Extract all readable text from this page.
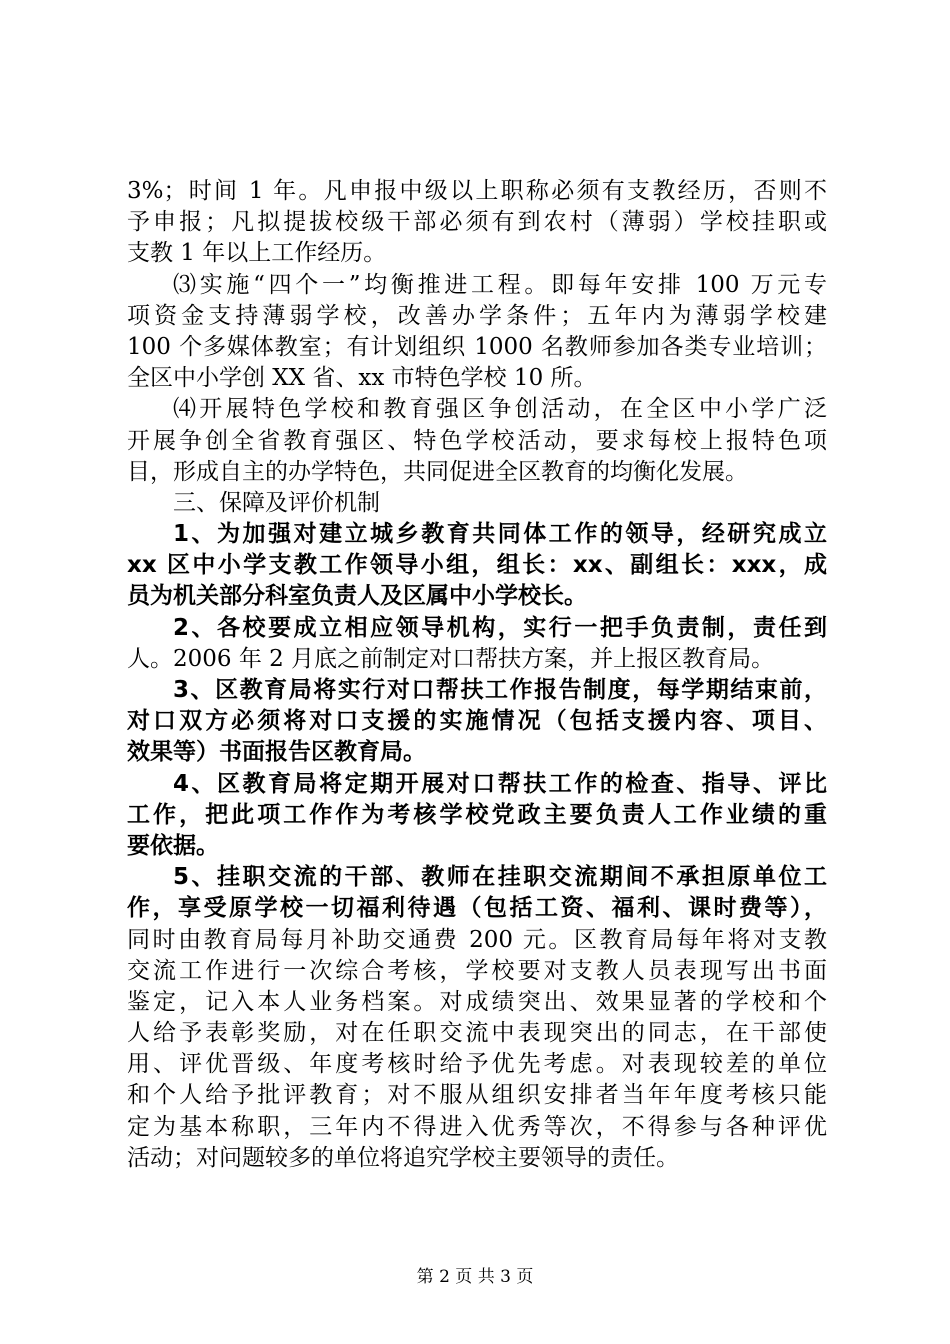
3%；时间 1 年。凡申报中级以上职称必须有支教经历，否则不
予申报；凡拟提拔校级干部必须有到农村（薄弱）学校挂职或
支教 1 年以上工作经历。
⑶实施“四个一”均衡推进工程。即每年安排 100 万元专
项资金支持薄弱学校，改善办学条件；五年内为薄弱学校建
100 个多媒体教室；有计划组织 1000 名教师参加各类专业培训；
全区中小学创 XX 省、xx 市特色学校 10 所。
⑷开展特色学校和教育强区争创活动，在全区中小学广泛
开展争创全省教育强区、特色学校活动，要求每校上报特色项
目，形成自主的办学特色，共同促进全区教育的均衡化发展。
三、保障及评价机制
1、为加强对建立城乡教育共同体工作的领导，经研究成立
xx 区中小学支教工作领导小组，组长：xx、副组长：xxx，成
员为机关部分科室负责人及区属中小学校长。
2、各校要成立相应领导机构，实行一把手负责制，责任到
人。2006 年 2 月底之前制定对口帮扶方案，并上报区教育局。
3、区教育局将实行对口帮扶工作报告制度，每学期结束前，
对口双方必须将对口支援的实施情况（包括支援内容、项目、
效果等）书面报告区教育局。
4、区教育局将定期开展对口帮扶工作的检查、指导、评比
工作，把此项工作作为考核学校党政主要负责人工作业绩的重
要依据。
5、挂职交流的干部、教师在挂职交流期间不承担原单位工
作，享受原学校一切福利待遇（包括工资、福利、课时费等），
同时由教育局每月补助交通费 200 元。区教育局每年将对支教
交流工作进行一次综合考核，学校要对支教人员表现写出书面
鉴定，记入本人业务档案。对成绩突出、效果显著的学校和个
人给予表彰奖励，对在任职交流中表现突出的同志，在干部使
用、评优晋级、年度考核时给予优先考虑。对表现较差的单位
和个人给予批评教育；对不服从组织安排者当年年度考核只能
定为基本称职，三年内不得进入优秀等次，不得参与各种评优
活动；对问题较多的单位将追究学校主要领导的责任。
第 2 页 共 3 页
